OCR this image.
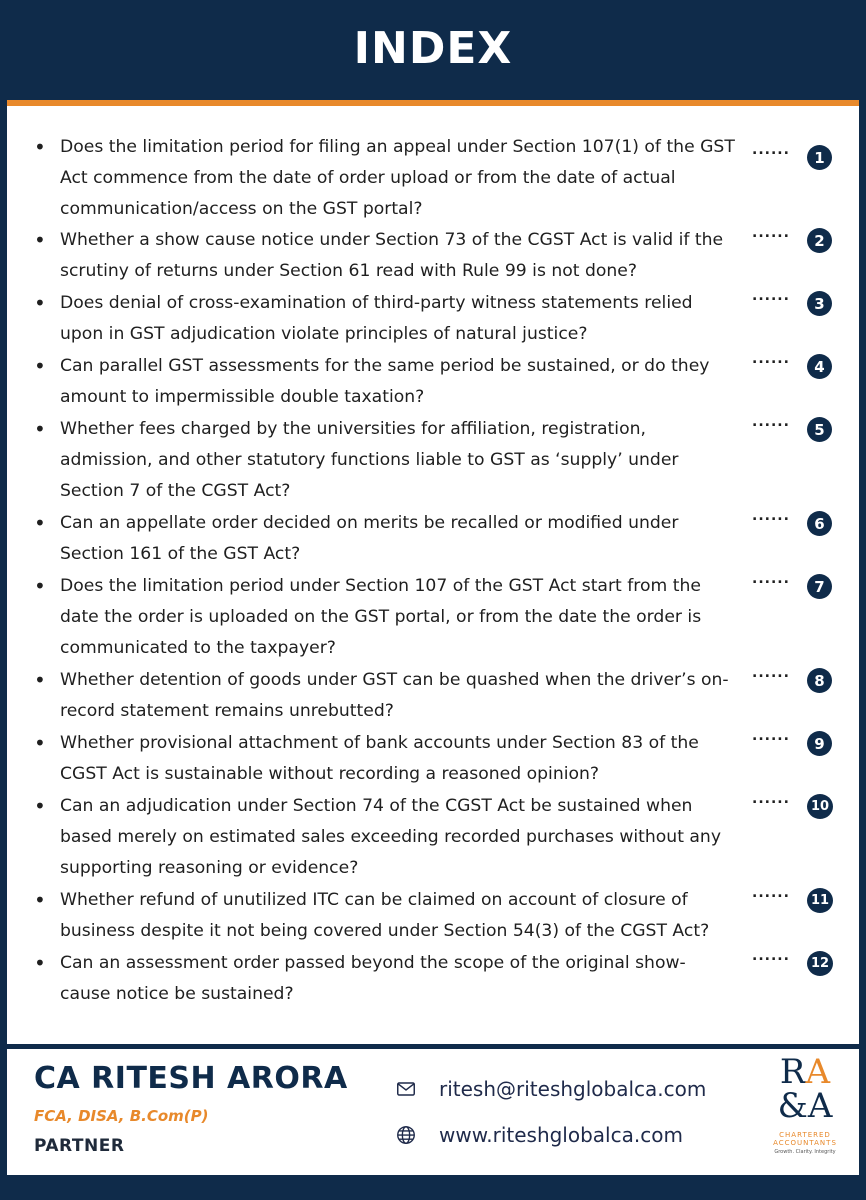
INDEX
• Does the limitation period for filing an appeal under Section 107(1) of the GST Act commence from the date of order upload or from the date of actual communication/access on the GST portal?
......	1
• Whether a show cause notice under Section 73 of the CGST Act is valid if the scrutiny of returns under Section 61 read with Rule 99 is not done?
......	2
• Does denial of cross-examination of third-party witness statements relied upon in GST adjudication violate principles of natural justice?
......	3
• Can parallel GST assessments for the same period be sustained, or do they amount to impermissible double taxation?
......	4
• Whether fees charged by the universities for affiliation, registration, admission, and other statutory functions liable to GST as ‘supply’ under Section 7 of the CGST Act?
......	5
• Can an appellate order decided on merits be recalled or modified under Section 161 of the GST Act?
......	6
• Does the limitation period under Section 107 of the GST Act start from the date the order is uploaded on the GST portal, or from the date the order is communicated to the taxpayer?
......	7
• Whether detention of goods under GST can be quashed when the driver’s on-record statement remains unrebutted?
......	8
• Whether provisional attachment of bank accounts under Section 83 of the CGST Act is sustainable without recording a reasoned opinion?
......	9
• Can an adjudication under Section 74 of the CGST Act be sustained when based merely on estimated sales exceeding recorded purchases without any supporting reasoning or evidence?
......	10
• Whether refund of unutilized ITC can be claimed on account of closure of business despite it not being covered under Section 54(3) of the CGST Act?
......	11
• Can an assessment order passed beyond the scope of the original show-cause notice be sustained?
......	12
CA RITESH ARORA
FCA, DISA, B.Com(P)
PARTNER
ritesh@riteshglobalca.com
www.riteshglobalca.com
RA
&A
CHARTERED ACCOUNTANTS
Growth. Clarity. Integrity
